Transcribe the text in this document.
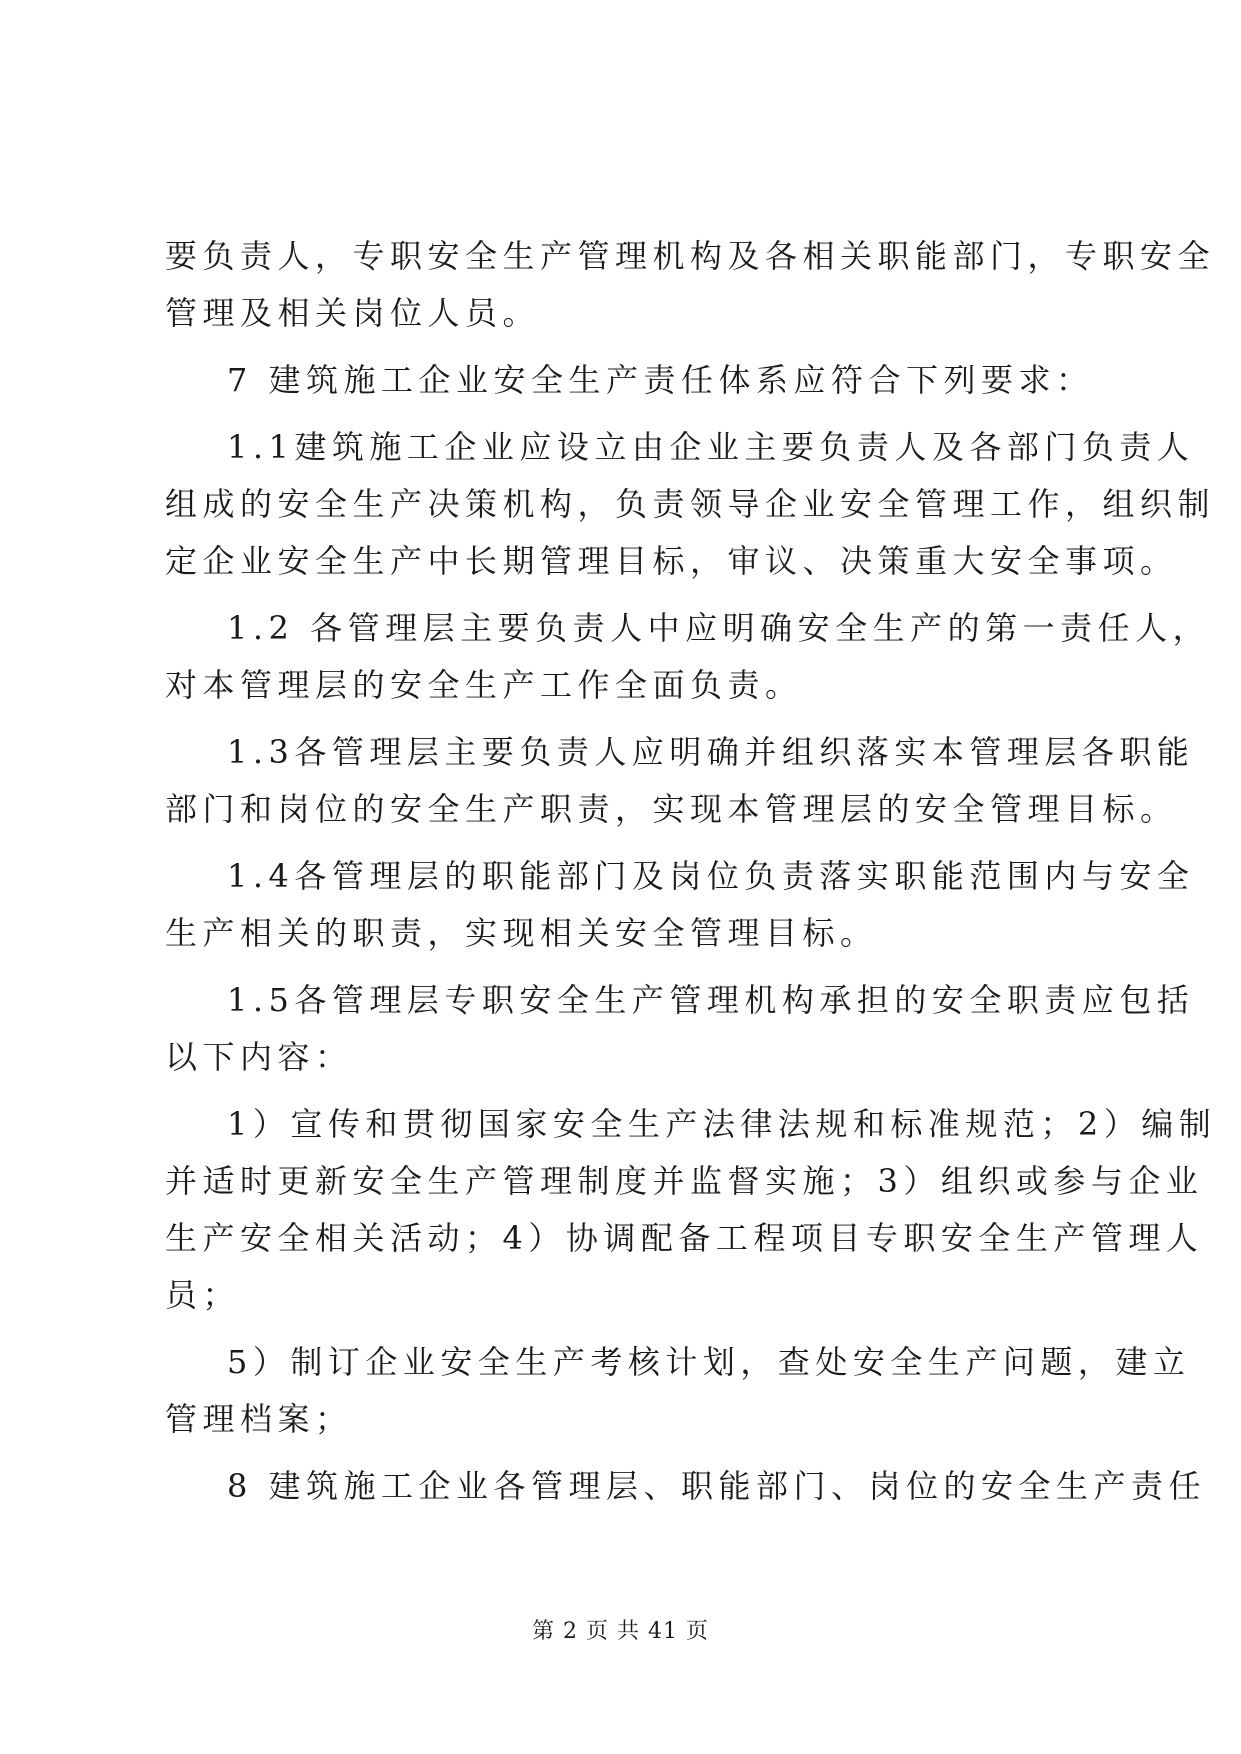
要负责人，专职安全生产管理机构及各相关职能部门，专职安全
管理及相关岗位人员。
7 建筑施工企业安全生产责任体系应符合下列要求：
1.1建筑施工企业应设立由企业主要负责人及各部门负责人
组成的安全生产决策机构，负责领导企业安全管理工作，组织制
定企业安全生产中长期管理目标，审议、决策重大安全事项。
1.2 各管理层主要负责人中应明确安全生产的第一责任人，
对本管理层的安全生产工作全面负责。
1.3各管理层主要负责人应明确并组织落实本管理层各职能
部门和岗位的安全生产职责，实现本管理层的安全管理目标。
1.4各管理层的职能部门及岗位负责落实职能范围内与安全
生产相关的职责，实现相关安全管理目标。
1.5各管理层专职安全生产管理机构承担的安全职责应包括
以下内容：
1）宣传和贯彻国家安全生产法律法规和标准规范；2）编制
并适时更新安全生产管理制度并监督实施；3）组织或参与企业
生产安全相关活动；4）协调配备工程项目专职安全生产管理人
员；
5）制订企业安全生产考核计划，查处安全生产问题，建立
管理档案；
8 建筑施工企业各管理层、职能部门、岗位的安全生产责任
第 2 页 共 41 页
